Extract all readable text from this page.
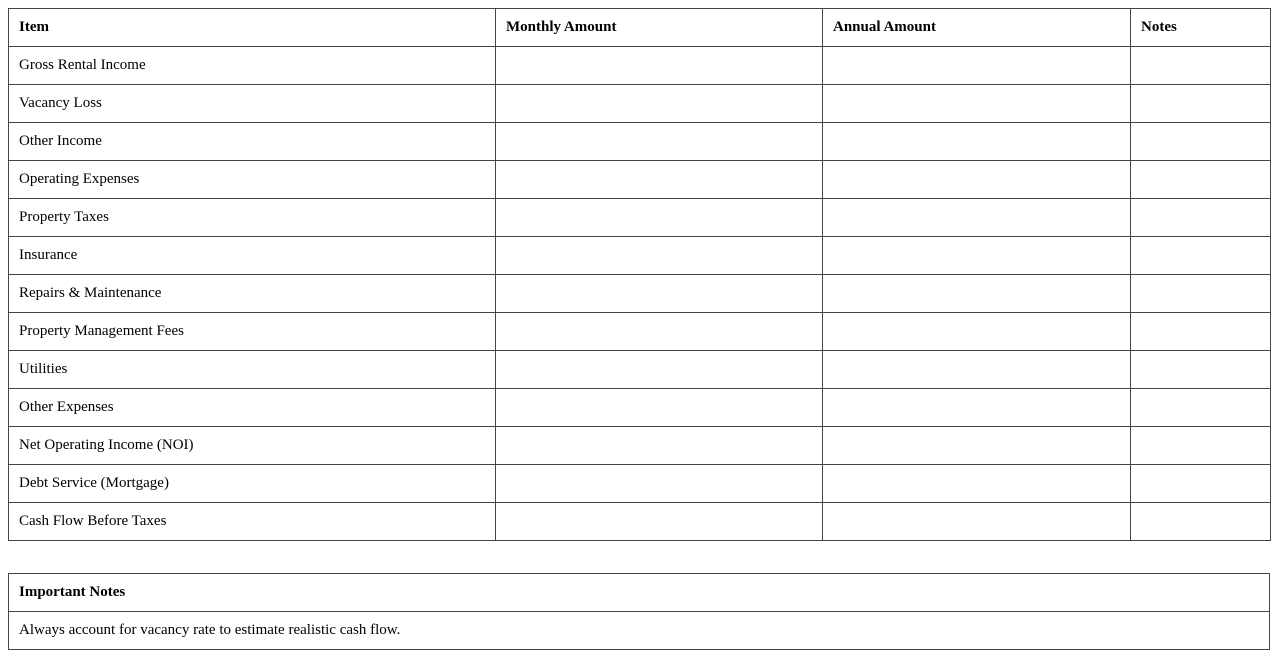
Item	Monthly Amount	Annual Amount	Notes
Gross Rental Income			
Vacancy Loss			
Other Income			
Operating Expenses			
Property Taxes			
Insurance			
Repairs & Maintenance			
Property Management Fees			
Utilities			
Other Expenses			
Net Operating Income (NOI)			
Debt Service (Mortgage)			
Cash Flow Before Taxes			
Important Notes
Always account for vacancy rate to estimate realistic cash flow.
